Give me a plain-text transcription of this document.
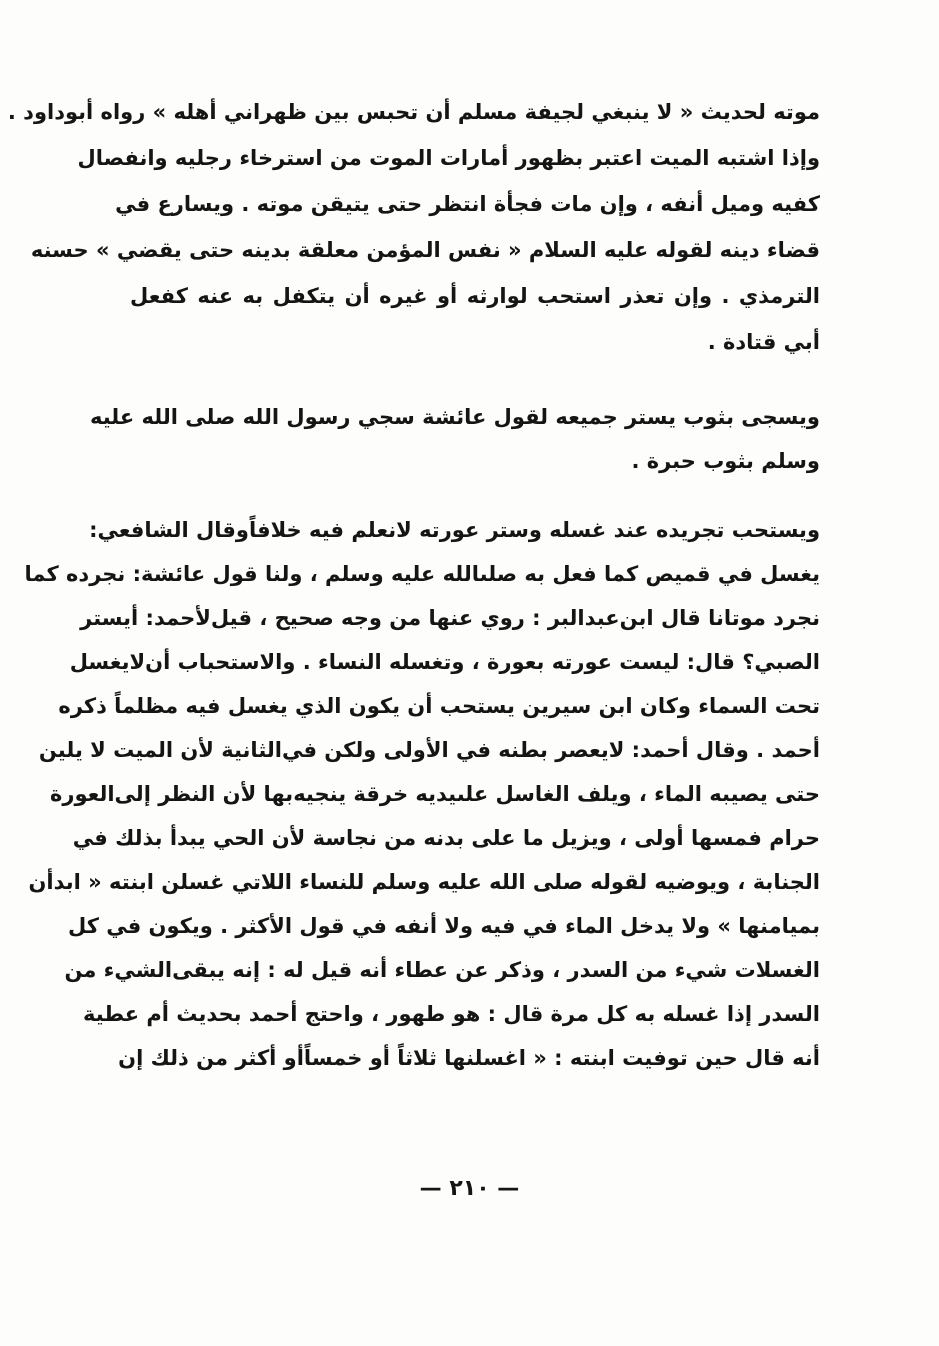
موته لحديث « لا ينبغي لجيفة مسلم أن تحبس بين ظهراني أهله » رواه أبوداود .
وإذا اشتبه الميت اعتبر بظهور أمارات الموت من استرخاء رجليه وانفصال
كفيه وميل أنفه ، وإن مات فجأة انتظر حتى يتيقن موته . ويسارع في
قضاء دينه لقوله عليه السلام « نفس المؤمن معلقة بدينه حتى يقضي » حسنه
الترمذي . وإن تعذر استحب لوارثه أو غيره أن يتكفل به عنه كفعل
أبي قتادة .
ويسجى بثوب يستر جميعه لقول عائشة سجي رسول الله صلى الله عليه
وسلم بثوب حبرة .
ويستحب تجريده عند غسله وستر عورته لانعلم فيه خلافاًوقال الشافعي:
يغسل في قميص كما فعل به صلىالله عليه وسلم ، ولنا قول عائشة: نجرده كما
نجرد موتانا قال ابن‌عبدالبر : روي عنها من وجه صحيح ، قيل‌لأحمد: أيستر
الصبي؟ قال: ليست عورته بعورة ، وتغسله النساء . والاستحباب أن‌لايغسل
تحت السماء وكان ابن سيرين يستحب أن يكون الذي يغسل فيه مظلماً ذكره
أحمد . وقال أحمد: لايعصر بطنه في الأولى ولكن في‌الثانية لأن الميت لا يلين
حتى يصيبه الماء ، ويلف الغاسل علىيديه خرقة ينجيه‌بها لأن النظر إلى‌العورة
حرام فمسها أولى ، ويزيل ما على بدنه من نجاسة لأن الحي يبدأ بذلك في
الجنابة ، ويوضيه لقوله صلى الله عليه وسلم للنساء اللاتي غسلن ابنته « ابدأن
بميامنها » ولا يدخل الماء في فيه ولا أنفه في قول الأكثر . ويكون في كل
الغسلات شيء من السدر ، وذكر عن عطاء أنه قيل له : إنه يبقى‌الشيء من
السدر إذا غسله به كل مرة قال : هو طهور ، واحتج أحمد بحديث أم عطية
أنه قال حين توفيت ابنته : « اغسلنها ثلاثاً أو خمساًأو أكثر من ذلك إن
— ٢١٠ —
